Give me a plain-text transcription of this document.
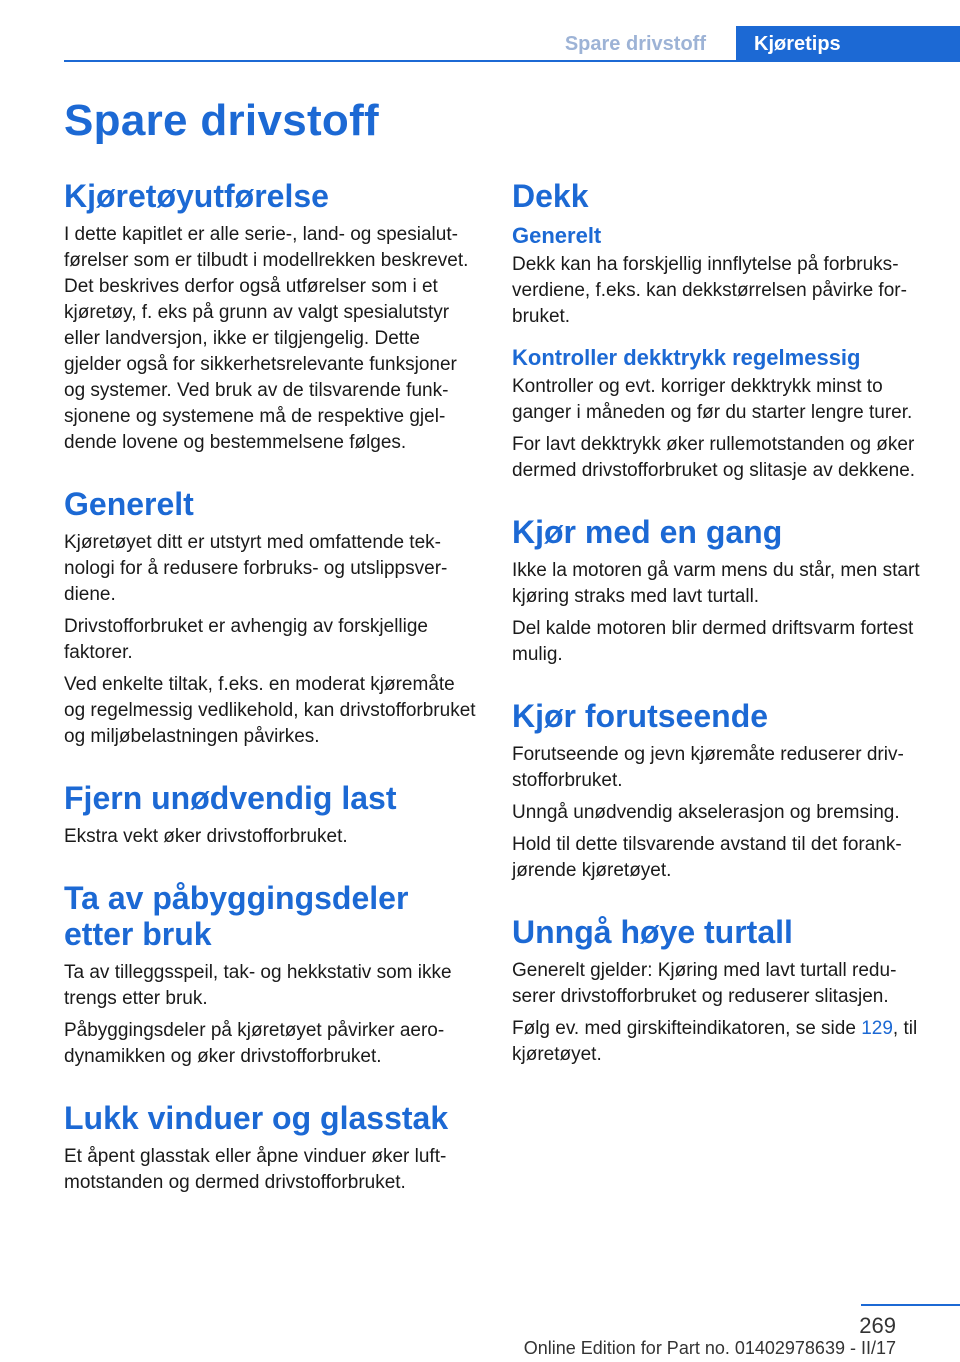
Spare drivstoff	Kjøretips
Spare drivstoff
Kjøretøyutførelse

I dette kapitlet er alle serie-, land- og spesialutførelser som er tilbudt i modellrekken beskrevet. Det beskrives derfor også utførelser som i et kjøretøy, f. eks på grunn av valgt spesialutstyr eller landversjon, ikke er tilgjengelig. Dette gjelder også for sikkerhetsrelevante funksjoner og systemer. Ved bruk av de tilsvarende funksjonene og systemene må de respektive gjeldende lovene og bestemmelsene følges.

Generelt

Kjøretøyet ditt er utstyrt med omfattende teknologi for å redusere forbruks- og utslippsverdiene.

Drivstofforbruket er avhengig av forskjellige faktorer.

Ved enkelte tiltak, f.eks. en moderat kjøremåte og regelmessig vedlikehold, kan drivstofforbruket og miljøbelastningen påvirkes.

Fjern unødvendig last

Ekstra vekt øker drivstofforbruket.

Ta av påbyggingsdeler etter bruk

Ta av tilleggsspeil, tak- og hekkstativ som ikke trengs etter bruk.

Påbyggingsdeler på kjøretøyet påvirker aerodynamikken og øker drivstofforbruket.

Lukk vinduer og glasstak

Et åpent glasstak eller åpne vinduer øker luftmotstanden og dermed drivstofforbruket.

Dekk
Generelt

Dekk kan ha forskjellig innflytelse på forbruksverdiene, f.eks. kan dekkstørrelsen påvirke forbruket.

Kontroller dekktrykk regelmessig

Kontroller og evt. korriger dekktrykk minst to ganger i måneden og før du starter lengre turer.

For lavt dekktrykk øker rullemotstanden og øker dermed drivstofforbruket og slitasje av dekkene.

Kjør med en gang

Ikke la motoren gå varm mens du står, men start kjøring straks med lavt turtall.

Del kalde motoren blir dermed driftsvarm fortest mulig.

Kjør forutseende

Forutseende og jevn kjøremåte reduserer drivstofforbruket.

Unngå unødvendig akselerasjon og bremsing.

Hold til dette tilsvarende avstand til det forankjørende kjøretøyet.

Unngå høye turtall

Generelt gjelder: Kjøring med lavt turtall reduserer drivstofforbruket og reduserer slitasjen.

Følg ev. med girskifteindikatoren, se side 129, til kjøretøyet.

269
Online Edition for Part no. 01402978639 - II/17
